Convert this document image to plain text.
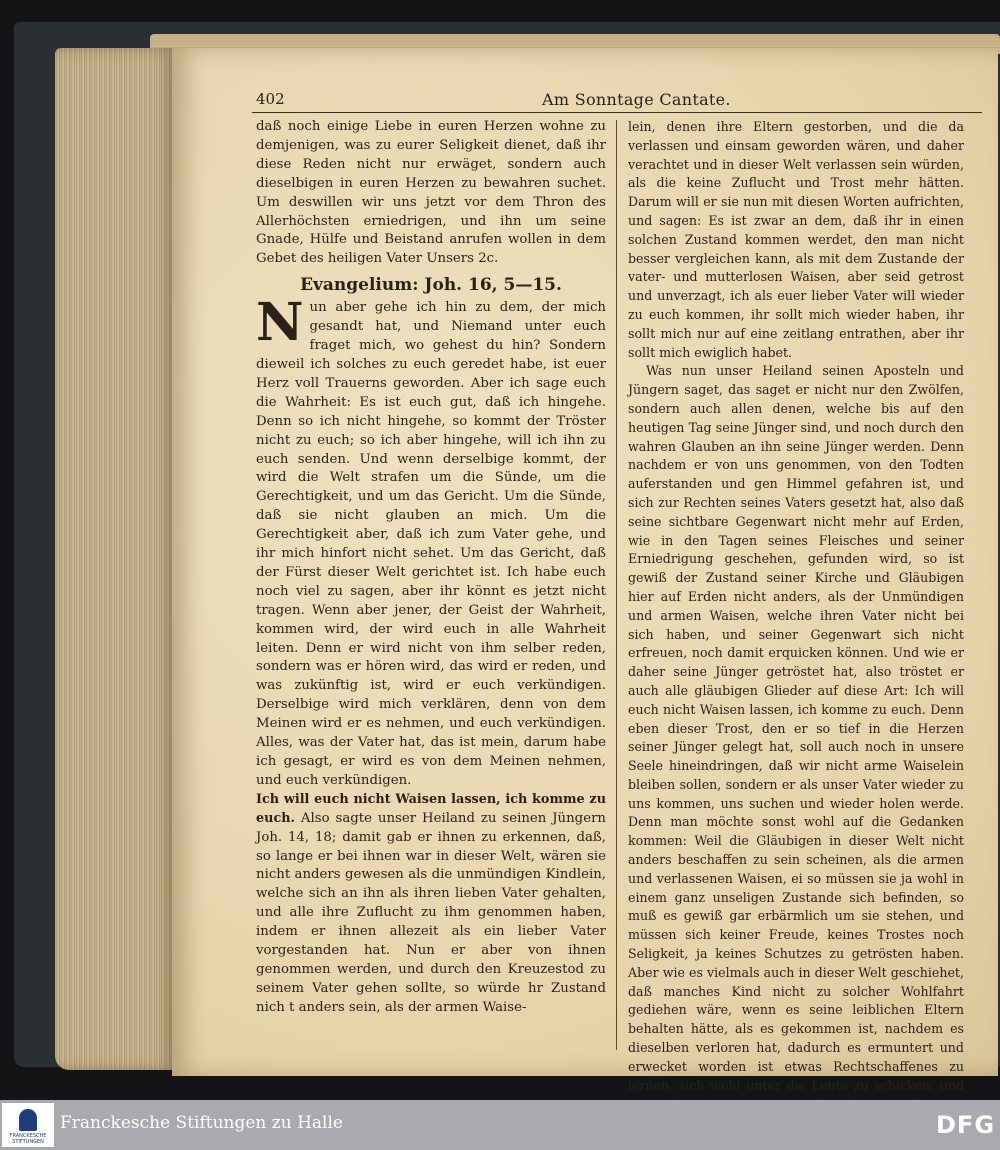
402	Am Sonntage Cantate.

daß noch einige Liebe in euren Herzen wohne zu demjenigen, was zu eurer Seligkeit dienet, daß ihr diese Reden nicht nur erwäget, sondern auch dieselbigen in euren Herzen zu bewahren suchet. Um deswillen wir uns jetzt vor dem Thron des Allerhöchsten erniedrigen, und ihn um seine Gnade, Hülfe und Beistand anrufen wollen in dem Gebet des heiligen Vater Unsers 2c.

Evangelium: Joh. 16, 5—15.

Nun aber gehe ich hin zu dem, der mich gesandt hat, und Niemand unter euch fraget mich, wo gehest du hin? Sondern dieweil ich solches zu euch geredet habe, ist euer Herz voll Trauerns geworden. Aber ich sage euch die Wahrheit: Es ist euch gut, daß ich hingehe. Denn so ich nicht hingehe, so kommt der Tröster nicht zu euch; so ich aber hingehe, will ich ihn zu euch senden. Und wenn derselbige kommt, der wird die Welt strafen um die Sünde, um die Gerechtigkeit, und um das Gericht. Um die Sünde, daß sie nicht glauben an mich. Um die Gerechtigkeit aber, daß ich zum Vater gehe, und ihr mich hinfort nicht sehet. Um das Gericht, daß der Fürst dieser Welt gerichtet ist. Ich habe euch noch viel zu sagen, aber ihr könnt es jetzt nicht tragen. Wenn aber jener, der Geist der Wahrheit, kommen wird, der wird euch in alle Wahrheit leiten. Denn er wird nicht von ihm selber reden, sondern was er hören wird, das wird er reden, und was zukünftig ist, wird er euch verkündigen. Derselbige wird mich verklären, denn von dem Meinen wird er es nehmen, und euch verkündigen. Alles, was der Vater hat, das ist mein, darum habe ich gesagt, er wird es von dem Meinen nehmen, und euch verkündigen.

Ich will euch nicht Waisen lassen, ich komme zu euch. Also sagte unser Heiland zu seinen Jüngern Joh. 14, 18; damit gab er ihnen zu erkennen, daß, so lange er bei ihnen war in dieser Welt, wären sie nicht anders gewesen als die unmündigen Kindlein, welche sich an ihn als ihren lieben Vater gehalten, und alle ihre Zuflucht zu ihm genommen haben, indem er ihnen allezeit als ein lieber Vater vorgestanden hat. Nun er aber von ihnen genommen werden, und durch den Kreuzestod zu seinem Vater gehen sollte, so würde hr Zustand nich t anders sein, als der armen Waise-

lein, denen ihre Eltern gestorben, und die da verlassen und einsam geworden wären, und daher verachtet und in dieser Welt verlassen sein würden, als die keine Zuflucht und Trost mehr hätten. Darum will er sie nun mit diesen Worten aufrichten, und sagen: Es ist zwar an dem, daß ihr in einen solchen Zustand kommen werdet, den man nicht besser vergleichen kann, als mit dem Zustande der vater- und mutterlosen Waisen, aber seid getrost und unverzagt, ich als euer lieber Vater will wieder zu euch kommen, ihr sollt mich wieder haben, ihr sollt mich nur auf eine zeitlang entrathen, aber ihr sollt mich ewiglich habet.

Was nun unser Heiland seinen Aposteln und Jüngern saget, das saget er nicht nur den Zwölfen, sondern auch allen denen, welche bis auf den heutigen Tag seine Jünger sind, und noch durch den wahren Glauben an ihn seine Jünger werden. Denn nachdem er von uns genommen, von den Todten auferstanden und gen Himmel gefahren ist, und sich zur Rechten seines Vaters gesetzt hat, also daß seine sichtbare Gegenwart nicht mehr auf Erden, wie in den Tagen seines Fleisches und seiner Erniedrigung geschehen, gefunden wird, so ist gewiß der Zustand seiner Kirche und Gläubigen hier auf Erden nicht anders, als der Unmündigen und armen Waisen, welche ihren Vater nicht bei sich haben, und seiner Gegenwart sich nicht erfreuen, noch damit erquicken können. Und wie er daher seine Jünger getröstet hat, also tröstet er auch alle gläubigen Glieder auf diese Art: Ich will euch nicht Waisen lassen, ich komme zu euch. Denn eben dieser Trost, den er so tief in die Herzen seiner Jünger gelegt hat, soll auch noch in unsere Seele hineindringen, daß wir nicht arme Waiselein bleiben sollen, sondern er als unser Vater wieder zu uns kommen, uns suchen und wieder holen werde. Denn man möchte sonst wohl auf die Gedanken kommen: Weil die Gläubigen in dieser Welt nicht anders beschaffen zu sein scheinen, als die armen und verlassenen Waisen, ei so müssen sie ja wohl in einem ganz unseligen Zustande sich befinden, so muß es gewiß gar erbärmlich um sie stehen, und müssen sich keiner Freude, keines Trostes noch Seligkeit, ja keines Schutzes zu getrösten haben. Aber wie es vielmals auch in dieser Welt geschiehet, daß manches Kind nicht zu solcher Wohlfahrt gediehen wäre, wenn es seine leiblichen Eltern behalten hätte, als es gekommen ist, nachdem es dieselben verloren hat, dadurch es ermuntert und erwecket worden ist etwas Rechtschaffenes zu lernen, sich wohl unter die Leute zu schicken, und

FRANCKESCHE STIFTUNGEN
Franckesche Stiftungen zu Halle	DFG
